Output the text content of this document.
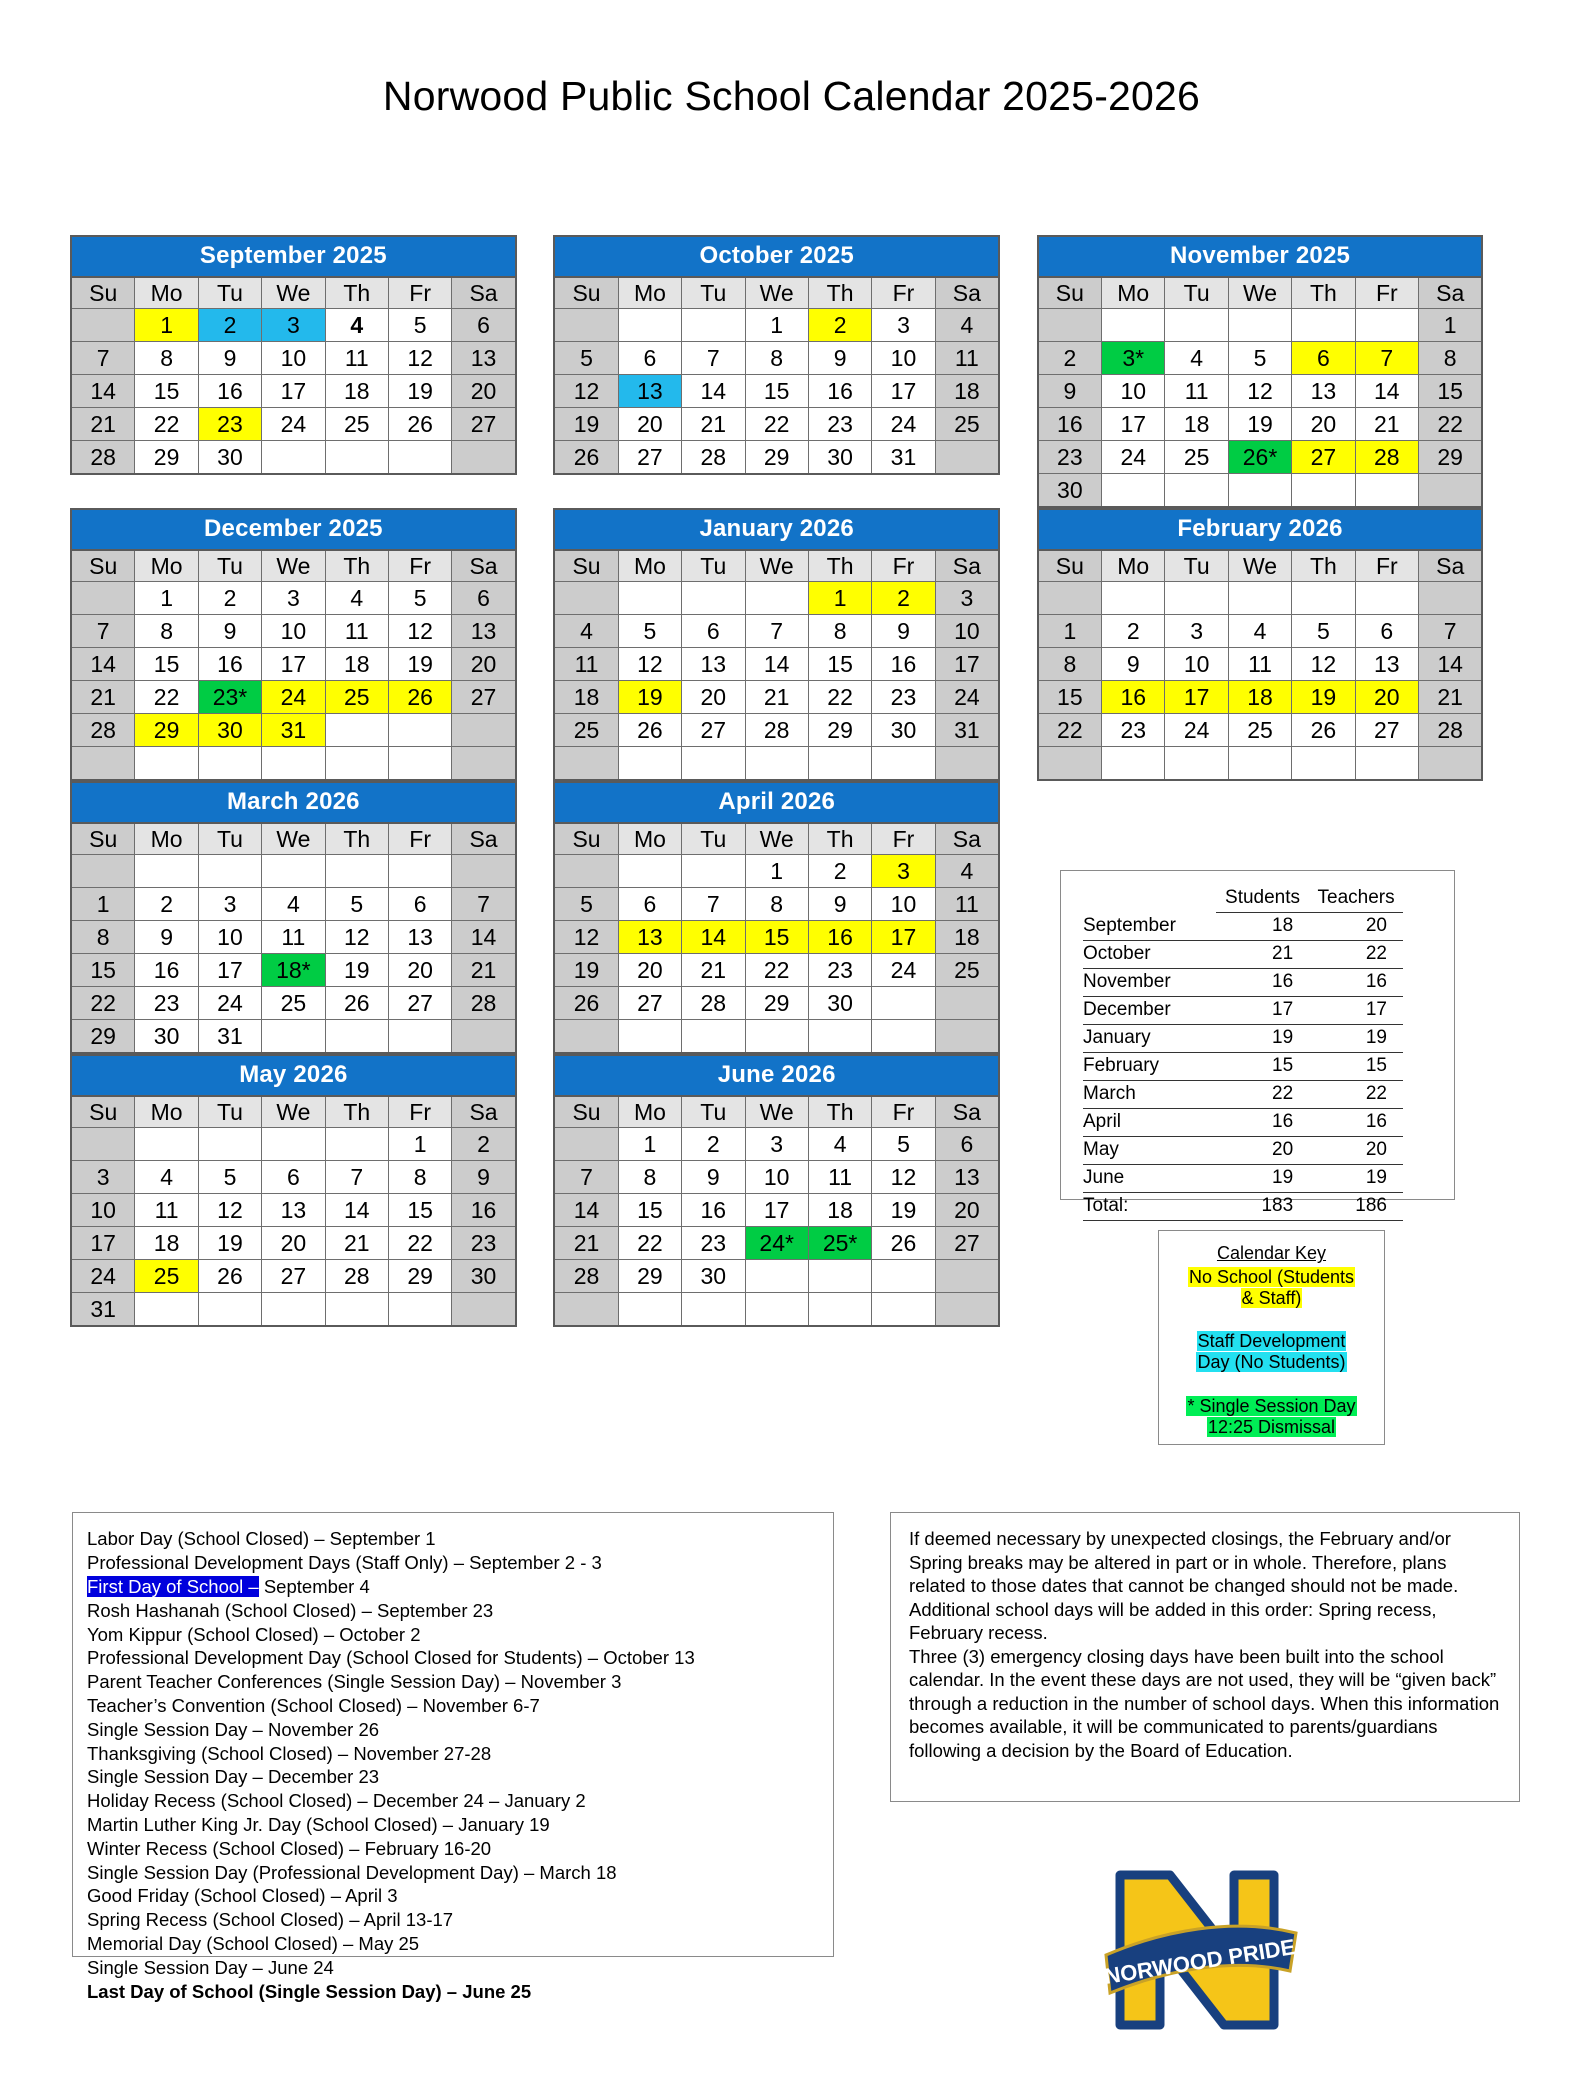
Norwood Public School Calendar 2025-2026
September 2025
Su	Mo	Tu	We	Th	Fr	Sa
	1	2	3	4	5	6
7	8	9	10	11	12	13
14	15	16	17	18	19	20
21	22	23	24	25	26	27
28	29	30				
October 2025
Su	Mo	Tu	We	Th	Fr	Sa
			1	2	3	4
5	6	7	8	9	10	11
12	13	14	15	16	17	18
19	20	21	22	23	24	25
26	27	28	29	30	31	
November 2025
Su	Mo	Tu	We	Th	Fr	Sa
						1
2	3*	4	5	6	7	8
9	10	11	12	13	14	15
16	17	18	19	20	21	22
23	24	25	26*	27	28	29
30						
December 2025
Su	Mo	Tu	We	Th	Fr	Sa
	1	2	3	4	5	6
7	8	9	10	11	12	13
14	15	16	17	18	19	20
21	22	23*	24	25	26	27
28	29	30	31			

January 2026
Su	Mo	Tu	We	Th	Fr	Sa
				1	2	3
4	5	6	7	8	9	10
11	12	13	14	15	16	17
18	19	20	21	22	23	24
25	26	27	28	29	30	31

February 2026
Su	Mo	Tu	We	Th	Fr	Sa

1	2	3	4	5	6	7
8	9	10	11	12	13	14
15	16	17	18	19	20	21
22	23	24	25	26	27	28

March 2026
Su	Mo	Tu	We	Th	Fr	Sa

1	2	3	4	5	6	7
8	9	10	11	12	13	14
15	16	17	18*	19	20	21
22	23	24	25	26	27	28
29	30	31				
April 2026
Su	Mo	Tu	We	Th	Fr	Sa
			1	2	3	4
5	6	7	8	9	10	11
12	13	14	15	16	17	18
19	20	21	22	23	24	25
26	27	28	29	30		

May 2026
Su	Mo	Tu	We	Th	Fr	Sa
					1	2
3	4	5	6	7	8	9
10	11	12	13	14	15	16
17	18	19	20	21	22	23
24	25	26	27	28	29	30
31						
June 2026
Su	Mo	Tu	We	Th	Fr	Sa
	1	2	3	4	5	6
7	8	9	10	11	12	13
14	15	16	17	18	19	20
21	22	23	24*	25*	26	27
28	29	30				

	Students	Teachers
September	18	20
October	21	22
November	16	16
December	17	17
January	19	19
February	15	15
March	22	22
April	16	16
May	20	20
June	19	19
Total:	183	186
Calendar Key
No School (Students
& Staff)
Staff Development
Day (No Students)
* Single Session Day
12:25 Dismissal
Labor Day (School Closed) – September 1
Professional Development Days (Staff Only) – September 2 - 3
First Day of School – September 4
Rosh Hashanah (School Closed) – September 23
Yom Kippur (School Closed) – October 2
Professional Development Day (School Closed for Students) – October 13
Parent Teacher Conferences (Single Session Day) – November 3
Teacher’s Convention (School Closed) – November 6-7
Single Session Day – November 26
Thanksgiving (School Closed) – November 27-28
Single Session Day – December 23
Holiday Recess (School Closed) – December 24 – January 2
Martin Luther King Jr. Day (School Closed) – January 19
Winter Recess (School Closed) – February 16-20
Single Session Day (Professional Development Day) – March 18
Good Friday (School Closed) – April 3
Spring Recess (School Closed) – April 13-17
Memorial Day (School Closed) – May 25
Single Session Day – June 24
Last Day of School (Single Session Day) – June 25

If deemed necessary by unexpected closings, the February and/or Spring breaks may be altered in part or in whole. Therefore, plans related to those dates that cannot be changed should not be made. Additional school days will be added in this order: Spring recess, February recess.

Three (3) emergency closing days have been built into the school calendar. In the event these days are not used, they will be “given back” through a reduction in the number of school days. When this information becomes available, it will be communicated to parents/guardians following a decision by the Board of Education.

NORWOOD PRIDE
